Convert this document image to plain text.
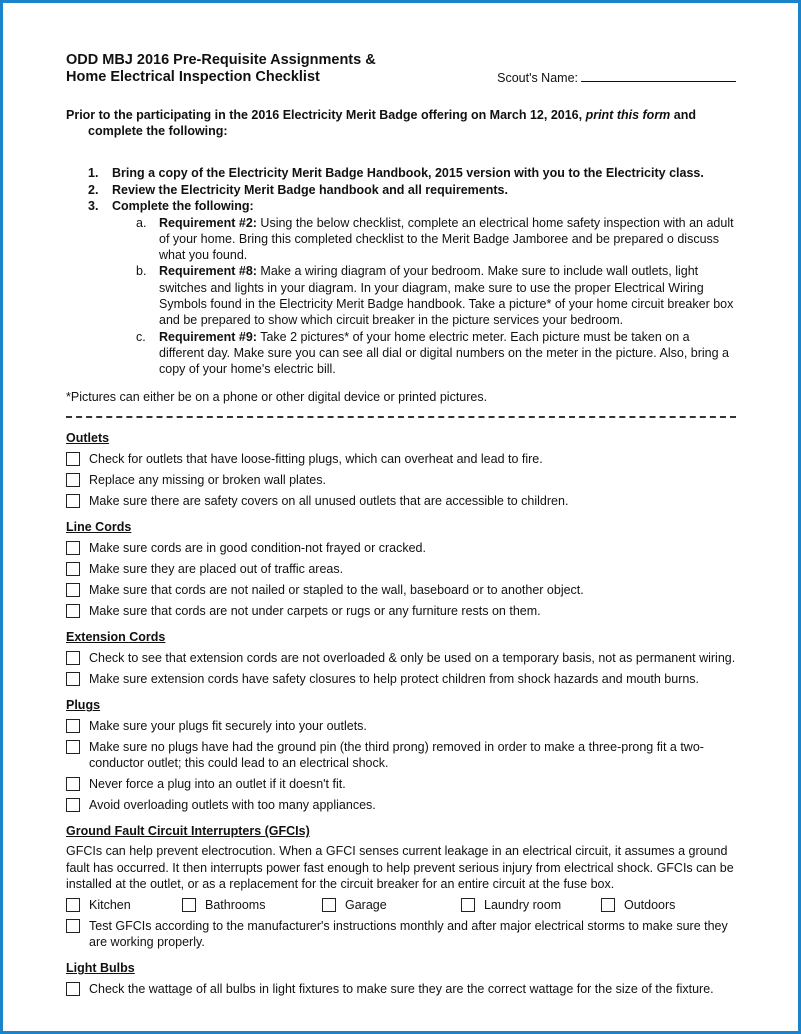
ODD MBJ 2016 Pre-Requisite Assignments &
Home Electrical Inspection Checklist	Scout's Name:
Prior to the participating in the 2016 Electricity Merit Badge offering on March 12, 2016, print this form and complete the following:
1. Bring a copy of the Electricity Merit Badge Handbook, 2015 version with you to the Electricity class.
2. Review the Electricity Merit Badge handbook and all requirements.
3. Complete the following:
a. Requirement #2: Using the below checklist, complete an electrical home safety inspection with an adult of your home. Bring this completed checklist to the Merit Badge Jamboree and be prepared o discuss what you found.
b. Requirement #8: Make a wiring diagram of your bedroom. Make sure to include wall outlets, light switches and lights in your diagram. In your diagram, make sure to use the proper Electrical Wiring Symbols found in the Electricity Merit Badge handbook. Take a picture* of your home circuit breaker box and be prepared to show which circuit breaker in the picture services your bedroom.
c. Requirement #9: Take 2 pictures* of your home electric meter. Each picture must be taken on a different day. Make sure you can see all dial or digital numbers on the meter in the picture. Also, bring a copy of your home's electric bill.
*Pictures can either be on a phone or other digital device or printed pictures.
Outlets
Check for outlets that have loose-fitting plugs, which can overheat and lead to fire.
Replace any missing or broken wall plates.
Make sure there are safety covers on all unused outlets that are accessible to children.
Line Cords
Make sure cords are in good condition-not frayed or cracked.
Make sure they are placed out of traffic areas.
Make sure that cords are not nailed or stapled to the wall, baseboard or to another object.
Make sure that cords are not under carpets or rugs or any furniture rests on them.
Extension Cords
Check to see that extension cords are not overloaded & only be used on a temporary basis, not as permanent wiring.
Make sure extension cords have safety closures to help protect children from shock hazards and mouth burns.
Plugs
Make sure your plugs fit securely into your outlets.
Make sure no plugs have had the ground pin (the third prong) removed in order to make a three-prong fit a two-conductor outlet; this could lead to an electrical shock.
Never force a plug into an outlet if it doesn't fit.
Avoid overloading outlets with too many appliances.
Ground Fault Circuit Interrupters (GFCIs)
GFCIs can help prevent electrocution. When a GFCI senses current leakage in an electrical circuit, it assumes a ground fault has occurred. It then interrupts power fast enough to help prevent serious injury from electrical shock. GFCIs can be installed at the outlet, or as a replacement for the circuit breaker for an entire circuit at the fuse box.
Kitchen	Bathrooms	Garage	Laundry room	Outdoors
Test GFCIs according to the manufacturer's instructions monthly and after major electrical storms to make sure they are working properly.
Light Bulbs
Check the wattage of all bulbs in light fixtures to make sure they are the correct wattage for the size of the fixture.
